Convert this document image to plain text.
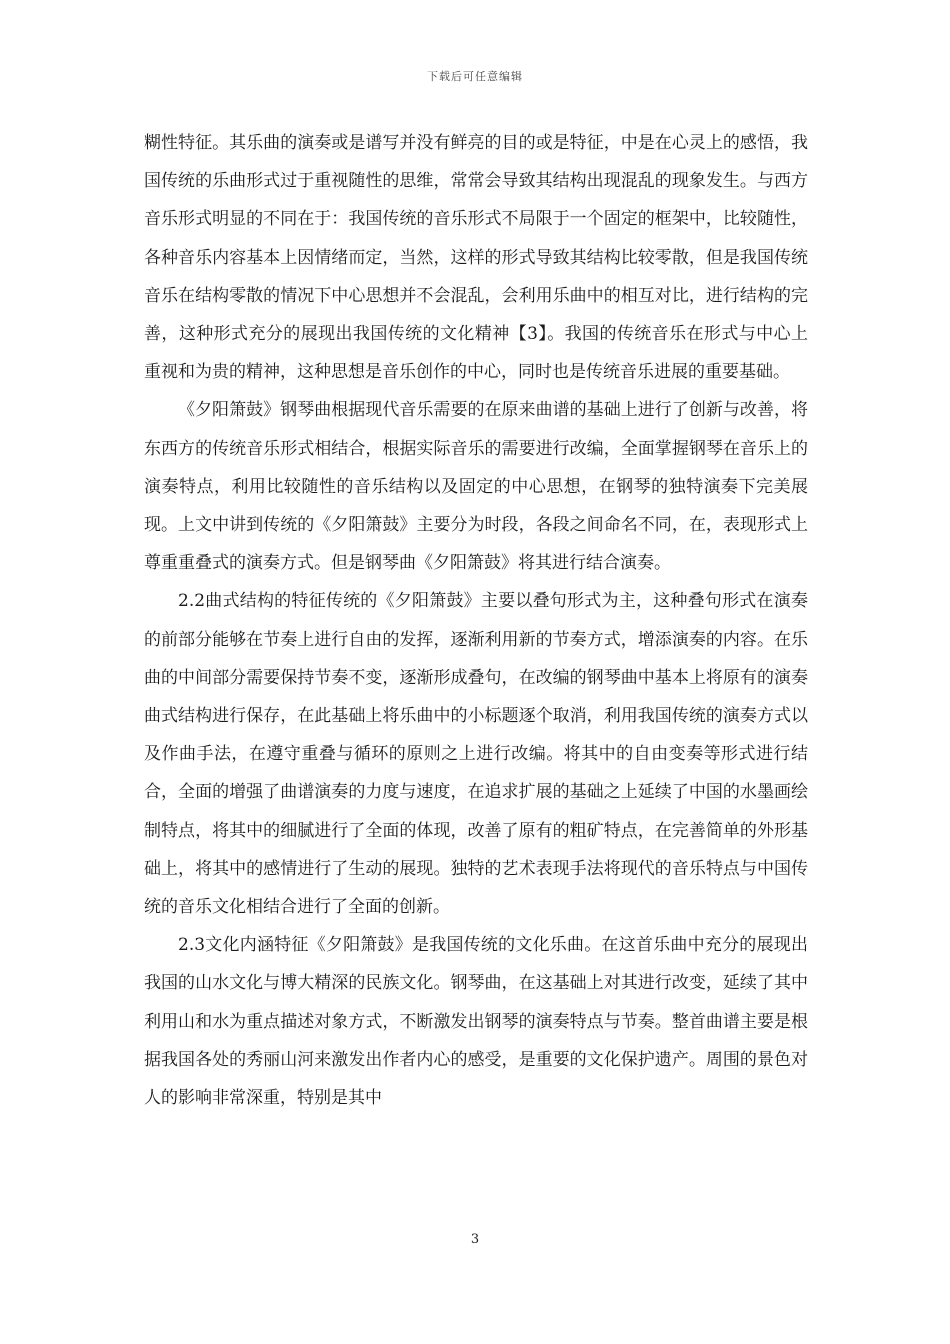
下载后可任意编辑

糊性特征。其乐曲的演奏或是谱写并没有鲜亮的目的或是特征，中是在心灵上的感悟，我国传统的乐曲形式过于重视随性的思维，常常会导致其结构出现混乱的现象发生。与西方音乐形式明显的不同在于：我国传统的音乐形式不局限于一个固定的框架中，比较随性，各种音乐内容基本上因情绪而定，当然，这样的形式导致其结构比较零散，但是我国传统音乐在结构零散的情况下中心思想并不会混乱，会利用乐曲中的相互对比，进行结构的完善，这种形式充分的展现出我国传统的文化精神【3】。我国的传统音乐在形式与中心上重视和为贵的精神，这种思想是音乐创作的中心，同时也是传统音乐进展的重要基础。

《夕阳箫鼓》钢琴曲根据现代音乐需要的在原来曲谱的基础上进行了创新与改善，将东西方的传统音乐形式相结合，根据实际音乐的需要进行改编，全面掌握钢琴在音乐上的演奏特点，利用比较随性的音乐结构以及固定的中心思想，在钢琴的独特演奏下完美展现。上文中讲到传统的《夕阳箫鼓》主要分为时段，各段之间命名不同，在，表现形式上尊重重叠式的演奏方式。但是钢琴曲《夕阳箫鼓》将其进行结合演奏。

2.2曲式结构的特征传统的《夕阳箫鼓》主要以叠句形式为主，这种叠句形式在演奏的前部分能够在节奏上进行自由的发挥，逐渐利用新的节奏方式，增添演奏的内容。在乐曲的中间部分需要保持节奏不变，逐渐形成叠句，在改编的钢琴曲中基本上将原有的演奏曲式结构进行保存，在此基础上将乐曲中的小标题逐个取消，利用我国传统的演奏方式以及作曲手法，在遵守重叠与循环的原则之上进行改编。将其中的自由变奏等形式进行结合，全面的增强了曲谱演奏的力度与速度，在追求扩展的基础之上延续了中国的水墨画绘制特点，将其中的细腻进行了全面的体现，改善了原有的粗矿特点，在完善简单的外形基础上，将其中的感情进行了生动的展现。独特的艺术表现手法将现代的音乐特点与中国传统的音乐文化相结合进行了全面的创新。

2.3文化内涵特征《夕阳箫鼓》是我国传统的文化乐曲。在这首乐曲中充分的展现出我国的山水文化与博大精深的民族文化。钢琴曲，在这基础上对其进行改变，延续了其中利用山和水为重点描述对象方式，不断激发出钢琴的演奏特点与节奏。整首曲谱主要是根据我国各处的秀丽山河来激发出作者内心的感受，是重要的文化保护遗产。周围的景色对人的影响非常深重，特别是其中

3
